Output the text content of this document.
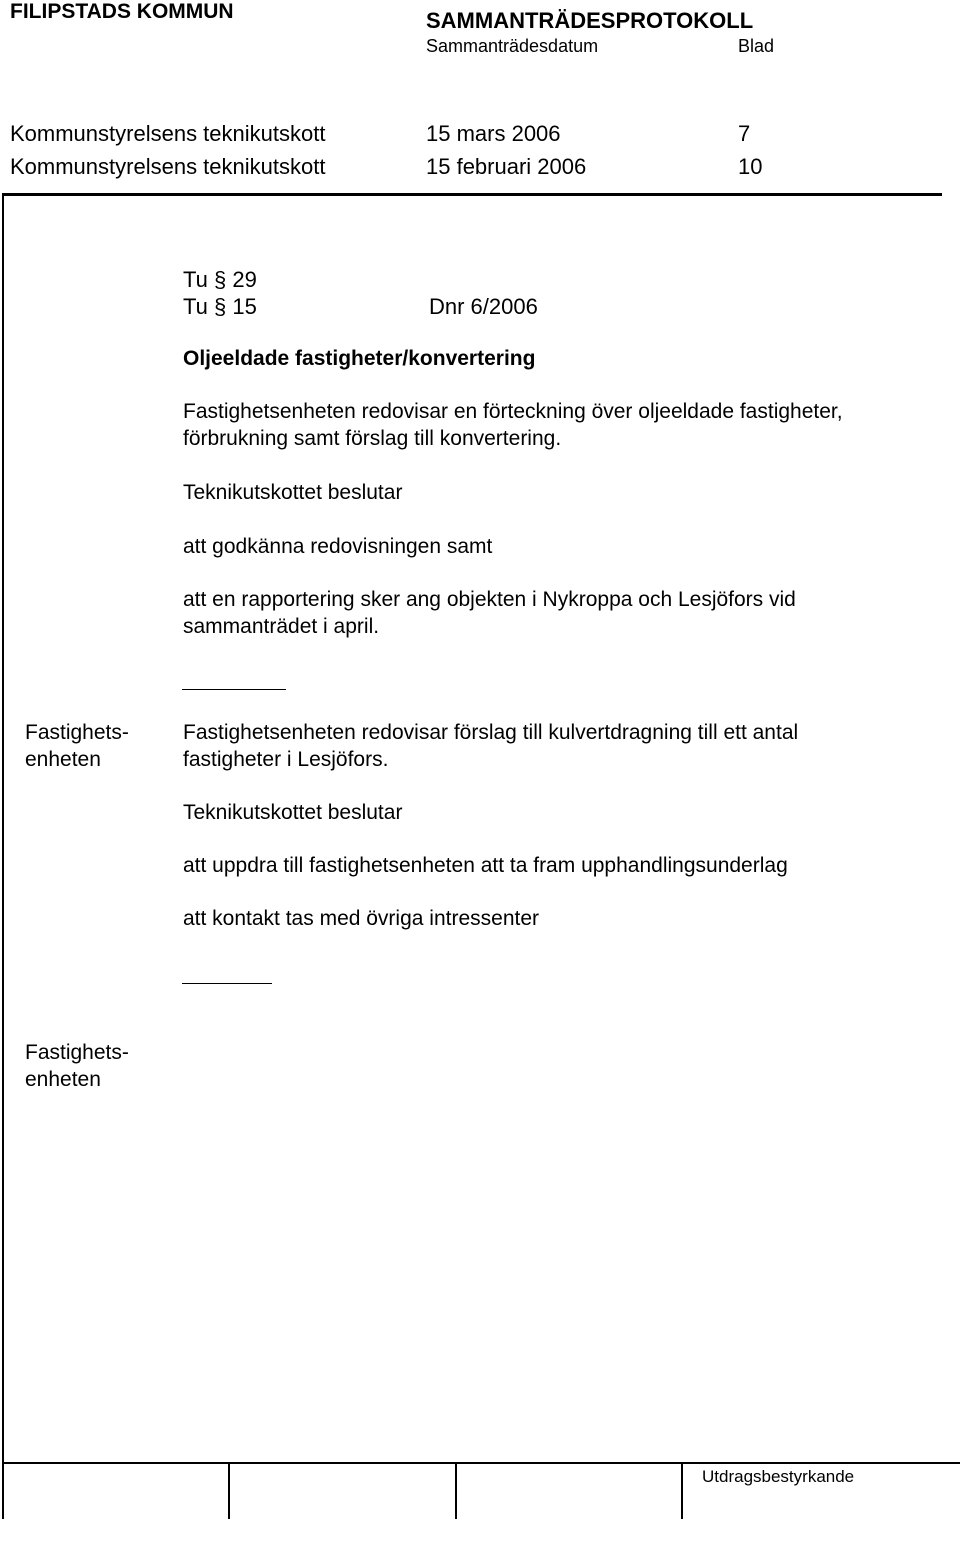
FILIPSTADS KOMMUN	SAMMANTRÄDESPROTOKOLL
Sammanträdesdatum	Blad
Kommunstyrelsens teknikutskott	15 mars 2006	7
Kommunstyrelsens teknikutskott	15 februari 2006	10
Tu § 29
Tu § 15	Dnr 6/2006
Oljeeldade fastigheter/konvertering
Fastighetsenheten redovisar en förteckning över oljeeldade fastigheter,
förbrukning samt förslag till konvertering.
Teknikutskottet beslutar
att godkänna redovisningen samt
att en rapportering sker ang objekten i Nykroppa och Lesjöfors vid
sammanträdet i april.
Fastighets-
enheten
Fastighetsenheten redovisar förslag till kulvertdragning till ett antal
fastigheter i Lesjöfors.
Teknikutskottet beslutar
att uppdra till fastighetsenheten att ta fram upphandlingsunderlag
att kontakt tas med övriga intressenter
Fastighets-
enheten
Utdragsbestyrkande
